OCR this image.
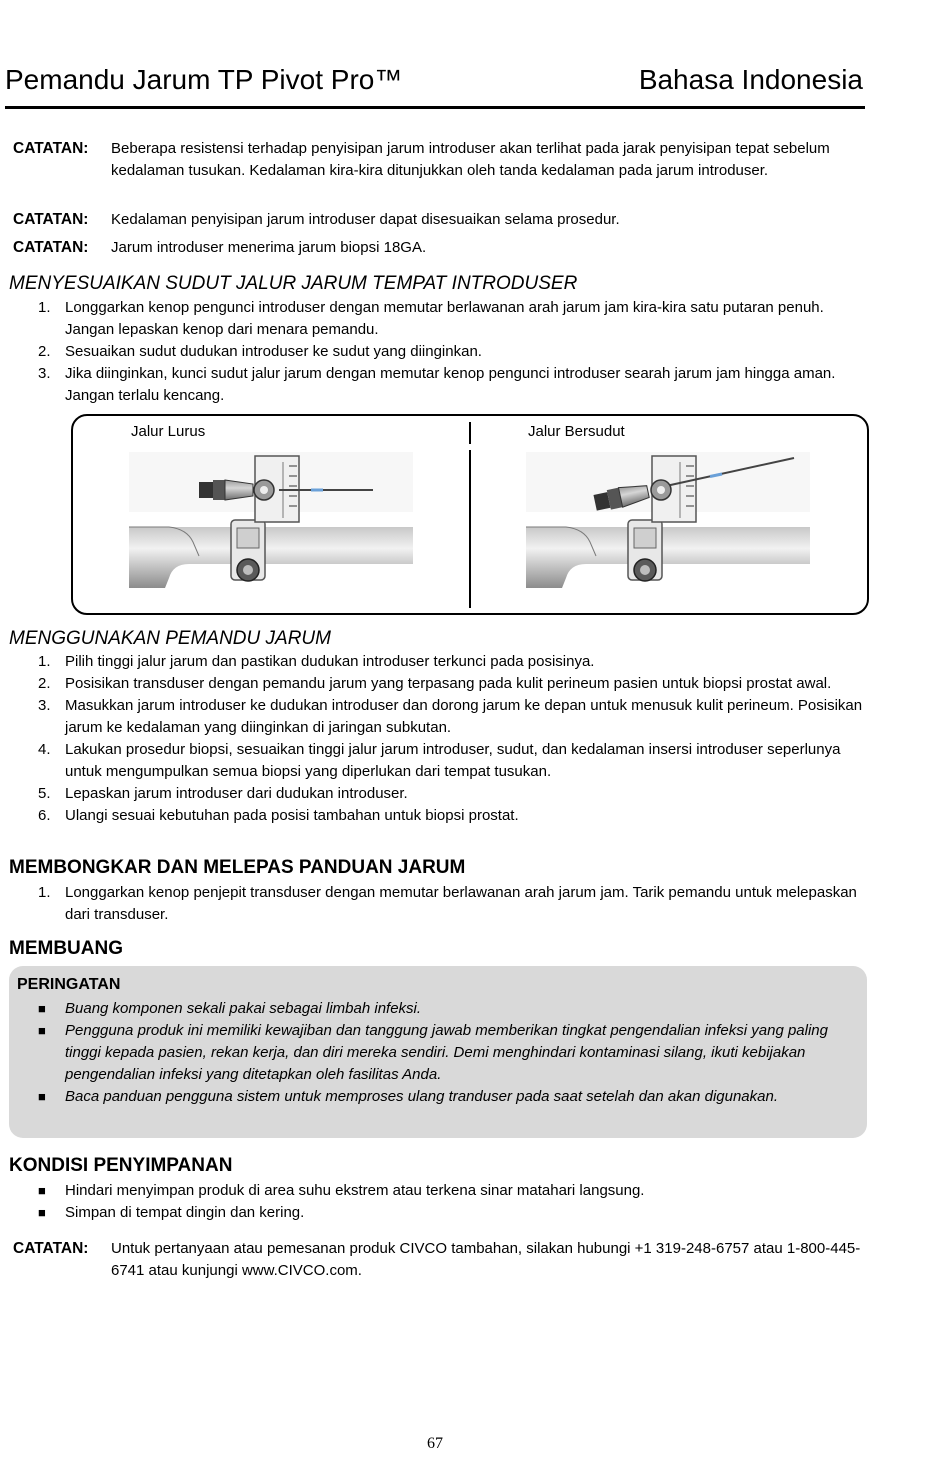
Pemandu Jarum TP Pivot Pro™	Bahasa Indonesia
CATATAN: Beberapa resistensi terhadap penyisipan jarum introduser akan terlihat pada jarak penyisipan tepat sebelum kedalaman tusukan. Kedalaman kira-kira ditunjukkan oleh tanda kedalaman pada jarum introduser.
CATATAN: Kedalaman penyisipan jarum introduser dapat disesuaikan selama prosedur.
CATATAN: Jarum introduser menerima jarum biopsi 18GA.
MENYESUAIKAN SUDUT JALUR JARUM TEMPAT INTRODUSER
1. Longgarkan kenop pengunci introduser dengan memutar berlawanan arah jarum jam kira-kira satu putaran penuh. Jangan lepaskan kenop dari menara pemandu.
2. Sesuaikan sudut dudukan introduser ke sudut yang diinginkan.
3. Jika diinginkan, kunci sudut jalur jarum dengan memutar kenop pengunci introduser searah jarum jam hingga aman. Jangan terlalu kencang.
Jalur Lurus	Jalur Bersudut
MENGGUNAKAN PEMANDU JARUM
1. Pilih tinggi jalur jarum dan pastikan dudukan introduser terkunci pada posisinya.
2. Posisikan transduser dengan pemandu jarum yang terpasang pada kulit perineum pasien untuk biopsi prostat awal.
3. Masukkan jarum introduser ke dudukan introduser dan dorong jarum ke depan untuk menusuk kulit perineum. Posisikan jarum ke kedalaman yang diinginkan di jaringan subkutan.
4. Lakukan prosedur biopsi, sesuaikan tinggi jalur jarum introduser, sudut, dan kedalaman insersi introduser seperlunya untuk mengumpulkan semua biopsi yang diperlukan dari tempat tusukan.
5. Lepaskan jarum introduser dari dudukan introduser.
6. Ulangi sesuai kebutuhan pada posisi tambahan untuk biopsi prostat.
MEMBONGKAR DAN MELEPAS PANDUAN JARUM
1. Longgarkan kenop penjepit transduser dengan memutar berlawanan arah jarum jam. Tarik pemandu untuk melepaskan dari transduser.
MEMBUANG
PERINGATAN
■ Buang komponen sekali pakai sebagai limbah infeksi.
■ Pengguna produk ini memiliki kewajiban dan tanggung jawab memberikan tingkat pengendalian infeksi yang paling tinggi kepada pasien, rekan kerja, dan diri mereka sendiri. Demi menghindari kontaminasi silang, ikuti kebijakan pengendalian infeksi yang ditetapkan oleh fasilitas Anda.
■ Baca panduan pengguna sistem untuk memproses ulang tranduser pada saat setelah dan akan digunakan.
KONDISI PENYIMPANAN
■ Hindari menyimpan produk di area suhu ekstrem atau terkena sinar matahari langsung.
■ Simpan di tempat dingin dan kering.
CATATAN: Untuk pertanyaan atau pemesanan produk CIVCO tambahan, silakan hubungi +1 319-248-6757 atau 1-800-445-6741 atau kunjungi www.CIVCO.com.
67
